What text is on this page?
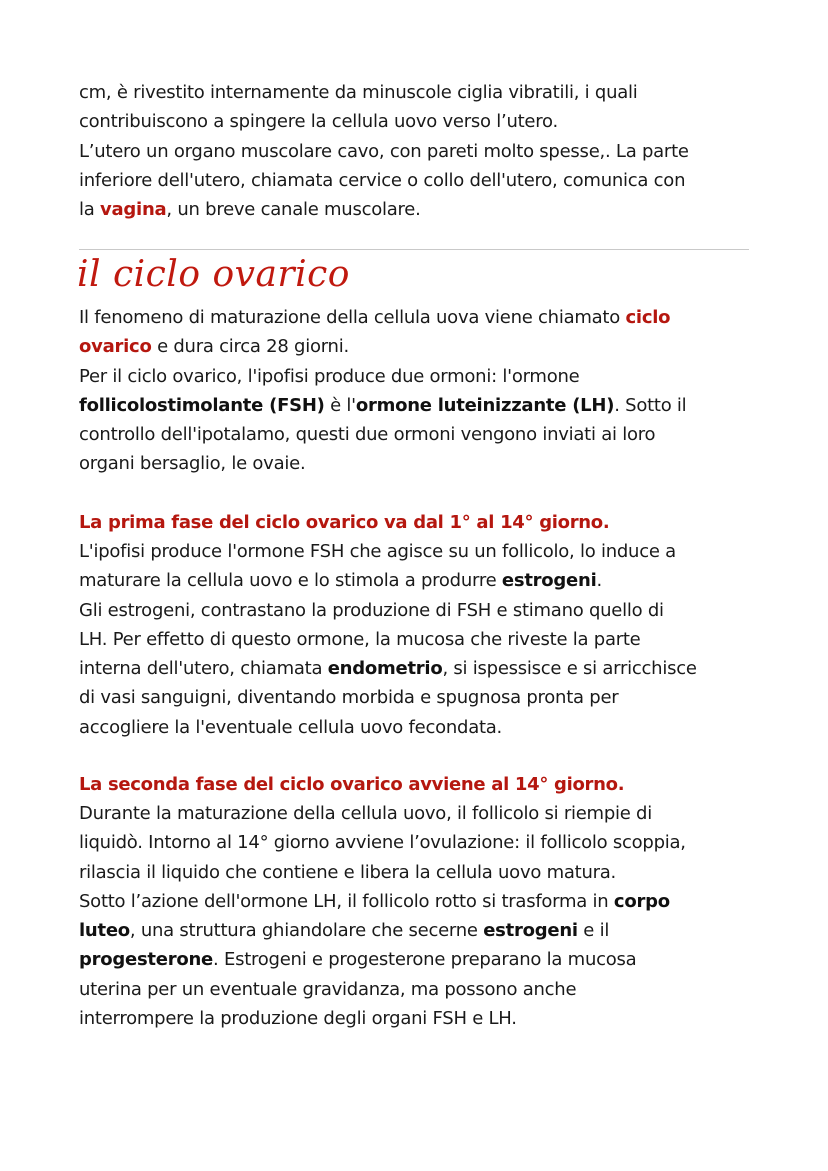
cm, è rivestito internamente da minuscole ciglia vibratili, i quali
contribuiscono a spingere la cellula uovo verso l’utero.
L’utero un organo muscolare cavo, con pareti molto spesse,. La parte
inferiore dell'utero, chiamata cervice o collo dell'utero, comunica con
la vagina, un breve canale muscolare.
il ciclo ovarico
Il fenomeno di maturazione della cellula uova viene chiamato ciclo
ovarico e dura circa 28 giorni.
Per il ciclo ovarico, l'ipofisi produce due ormoni: l'ormone
follicolostimolante (FSH) è l'ormone luteinizzante (LH). Sotto il
controllo dell'ipotalamo, questi due ormoni vengono inviati ai loro
organi bersaglio, le ovaie.
La prima fase del ciclo ovarico va dal 1° al 14° giorno.
L'ipofisi produce l'ormone FSH che agisce su un follicolo, lo induce a
maturare la cellula uovo e lo stimola a produrre estrogeni.
Gli estrogeni, contrastano la produzione di FSH e stimano quello di
LH. Per effetto di questo ormone, la mucosa che riveste la parte
interna dell'utero, chiamata endometrio, si ispessisce e si arricchisce
di vasi sanguigni, diventando morbida e spugnosa pronta per
accogliere la l'eventuale cellula uovo fecondata.
La seconda fase del ciclo ovarico avviene al 14° giorno.
Durante la maturazione della cellula uovo, il follicolo si riempie di
liquidò. Intorno al 14° giorno avviene l’ovulazione: il follicolo scoppia,
rilascia il liquido che contiene e libera la cellula uovo matura.
Sotto l’azione dell'ormone LH, il follicolo rotto si trasforma in corpo
luteo, una struttura ghiandolare che secerne estrogeni e il
progesterone. Estrogeni e progesterone preparano la mucosa
uterina per un eventuale gravidanza, ma possono anche
interrompere la produzione degli organi FSH e LH.
